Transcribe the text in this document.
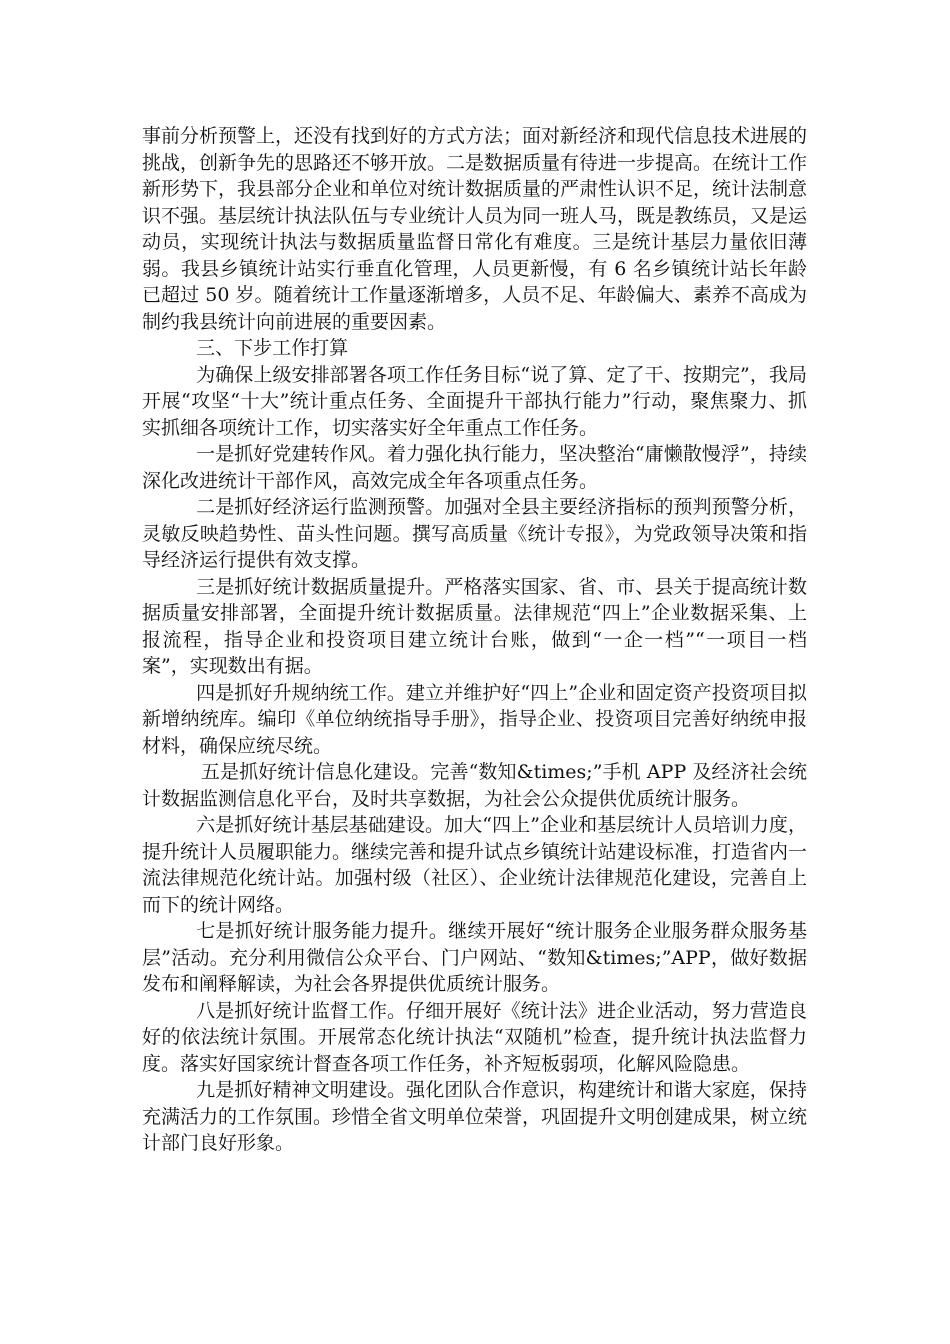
事前分析预警上，还没有找到好的方式方法；面对新经济和现代信息技术进展的挑战，创新争先的思路还不够开放。二是数据质量有待进一步提高。在统计工作新形势下，我县部分企业和单位对统计数据质量的严肃性认识不足，统计法制意识不强。基层统计执法队伍与专业统计人员为同一班人马，既是教练员，又是运动员，实现统计执法与数据质量监督日常化有难度。三是统计基层力量依旧薄弱。我县乡镇统计站实行垂直化管理，人员更新慢，有 6 名乡镇统计站长年龄已超过 50 岁。随着统计工作量逐渐增多，人员不足、年龄偏大、素养不高成为制约我县统计向前进展的重要因素。

三、下步工作打算

为确保上级安排部署各项工作任务目标“说了算、定了干、按期完”，我局开展“攻坚“十大”统计重点任务、全面提升干部执行能力”行动，聚焦聚力、抓实抓细各项统计工作，切实落实好全年重点工作任务。

一是抓好党建转作风。着力强化执行能力，坚决整治“庸懒散慢浮”，持续深化改进统计干部作风，高效完成全年各项重点任务。

二是抓好经济运行监测预警。加强对全县主要经济指标的预判预警分析，灵敏反映趋势性、苗头性问题。撰写高质量《统计专报》，为党政领导决策和指导经济运行提供有效支撑。

三是抓好统计数据质量提升。严格落实国家、省、市、县关于提高统计数据质量安排部署，全面提升统计数据质量。法律规范“四上”企业数据采集、上报流程，指导企业和投资项目建立统计台账，做到“一企一档”“一项目一档案”，实现数出有据。

四是抓好升规纳统工作。建立并维护好“四上”企业和固定资产投资项目拟新增纳统库。编印《单位纳统指导手册》，指导企业、投资项目完善好纳统申报材料，确保应统尽统。

五是抓好统计信息化建设。完善“数知&times;”手机 APP 及经济社会统计数据监测信息化平台，及时共享数据，为社会公众提供优质统计服务。

六是抓好统计基层基础建设。加大“四上”企业和基层统计人员培训力度，提升统计人员履职能力。继续完善和提升试点乡镇统计站建设标准，打造省内一流法律规范化统计站。加强村级（社区）、企业统计法律规范化建设，完善自上而下的统计网络。

七是抓好统计服务能力提升。继续开展好“统计服务企业服务群众服务基层”活动。充分利用微信公众平台、门户网站、“数知&times;”APP，做好数据发布和阐释解读，为社会各界提供优质统计服务。

八是抓好统计监督工作。仔细开展好《统计法》进企业活动，努力营造良好的依法统计氛围。开展常态化统计执法“双随机”检查，提升统计执法监督力度。落实好国家统计督查各项工作任务，补齐短板弱项，化解风险隐患。

九是抓好精神文明建设。强化团队合作意识，构建统计和谐大家庭，保持充满活力的工作氛围。珍惜全省文明单位荣誉，巩固提升文明创建成果，树立统计部门良好形象。
